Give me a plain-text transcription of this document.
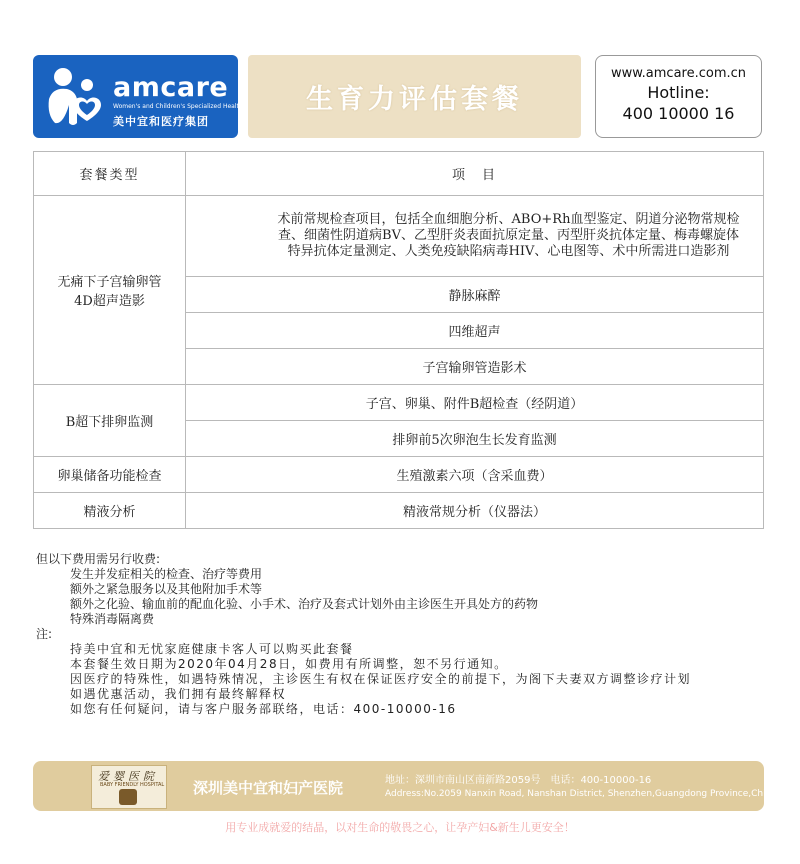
amcare
Women's and Children's Specialized Health
美中宜和医疗集团
生育力评估套餐
www.amcare.com.cn
Hotline:
400 10000 16
套餐类型	项　目

无痛下子宫输卵管
4D超声造影	术前常规检查项目，包括全血细胞分析、ABO+Rh血型鉴定、阴道分泌物常规检查、细菌性阴道病BV、乙型肝炎表面抗原定量、丙型肝炎抗体定量、梅毒螺旋体特异抗体定量测定、人类免疫缺陷病毒HIV、心电图等、术中所需进口造影剂
	静脉麻醉
	四维超声
	子宫输卵管造影术
B超下排卵监测	子宫、卵巢、附件B超检查（经阴道）
	排卵前5次卵泡生长发育监测
卵巢储备功能检查	生殖激素六项（含采血费）
精液分析	精液常规分析（仪器法）
但以下费用需另行收费:
发生并发症相关的检查、治疗等费用
额外之紧急服务以及其他附加手术等
额外之化验、输血前的配血化验、小手术、治疗及套式计划外由主诊医生开具处方的药物
特殊消毒隔离费
注:
持美中宜和无忧家庭健康卡客人可以购买此套餐
本套餐生效日期为2020年04月28日，如费用有所调整，恕不另行通知。
因医疗的特殊性，如遇特殊情况，主诊医生有权在保证医疗安全的前提下，为阁下夫妻双方调整诊疗计划
如遇优惠活动，我们拥有最终解释权
如您有任何疑问，请与客户服务部联络，电话：400-10000-16
爱婴医院
BABY FRIENDLY HOSPITAL 深圳美中宜和妇产医院	地址：深圳市南山区南新路2059号　电话：400-10000-16
Address:No.2059 Nanxin Road, Nanshan District, Shenzhen,Guangdong Province,China.
用专业成就爱的结晶，以对生命的敬畏之心，让孕产妇&新生儿更安全！
